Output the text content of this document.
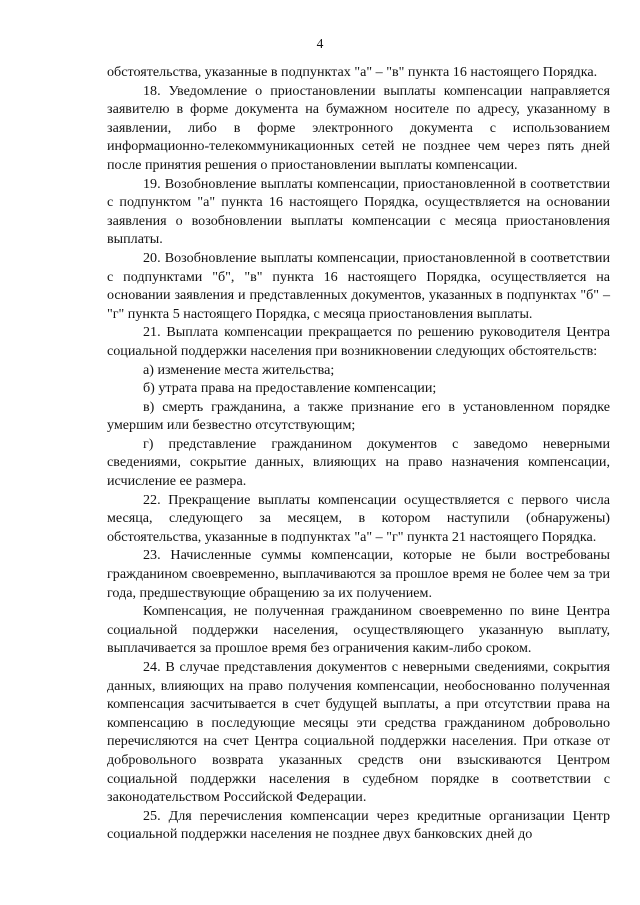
4

обстоятельства, указанные в подпунктах "а" – "в" пункта 16 настоящего Порядка.

18. Уведомление о приостановлении выплаты компенсации направляется заявителю в форме документа на бумажном носителе по адресу, указанному в заявлении, либо в форме электронного документа с использованием информационно-телекоммуникационных сетей не позднее чем через пять дней после принятия решения о приостановлении выплаты компенсации.

19. Возобновление выплаты компенсации, приостановленной в соответствии с подпунктом "а" пункта 16 настоящего Порядка, осуществляется на основании заявления о возобновлении выплаты компенсации с месяца приостановления выплаты.

20. Возобновление выплаты компенсации, приостановленной в соответствии с подпунктами "б", "в" пункта 16 настоящего Порядка, осуществляется на основании заявления и представленных документов, указанных в подпунктах "б" – "г" пункта 5 настоящего Порядка, с месяца приостановления выплаты.

21. Выплата компенсации прекращается по решению руководителя Центра социальной поддержки населения при возникновении следующих обстоятельств:

а) изменение места жительства;

б) утрата права на предоставление компенсации;

в) смерть гражданина, а также признание его в установленном порядке умершим или безвестно отсутствующим;

г) представление гражданином документов с заведомо неверными сведениями, сокрытие данных, влияющих на право назначения компенсации, исчисление ее размера.

22. Прекращение выплаты компенсации осуществляется с первого числа месяца, следующего за месяцем, в котором наступили (обнаружены) обстоятельства, указанные в подпунктах "а" – "г" пункта 21 настоящего Порядка.

23. Начисленные суммы компенсации, которые не были востребованы гражданином своевременно, выплачиваются за прошлое время не более чем за три года, предшествующие обращению за их получением.

Компенсация, не полученная гражданином своевременно по вине Центра социальной поддержки населения, осуществляющего указанную выплату, выплачивается за прошлое время без ограничения каким-либо сроком.

24. В случае представления документов с неверными сведениями, сокрытия данных, влияющих на право получения компенсации, необоснованно полученная компенсация засчитывается в счет будущей выплаты, а при отсутствии права на компенсацию в последующие месяцы эти средства гражданином добровольно перечисляются на счет Центра социальной поддержки населения. При отказе от добровольного возврата указанных средств они взыскиваются Центром социальной поддержки населения в судебном порядке в соответствии с законодательством Российской Федерации.

25. Для перечисления компенсации через кредитные организации Центр социальной поддержки населения не позднее двух банковских дней до
